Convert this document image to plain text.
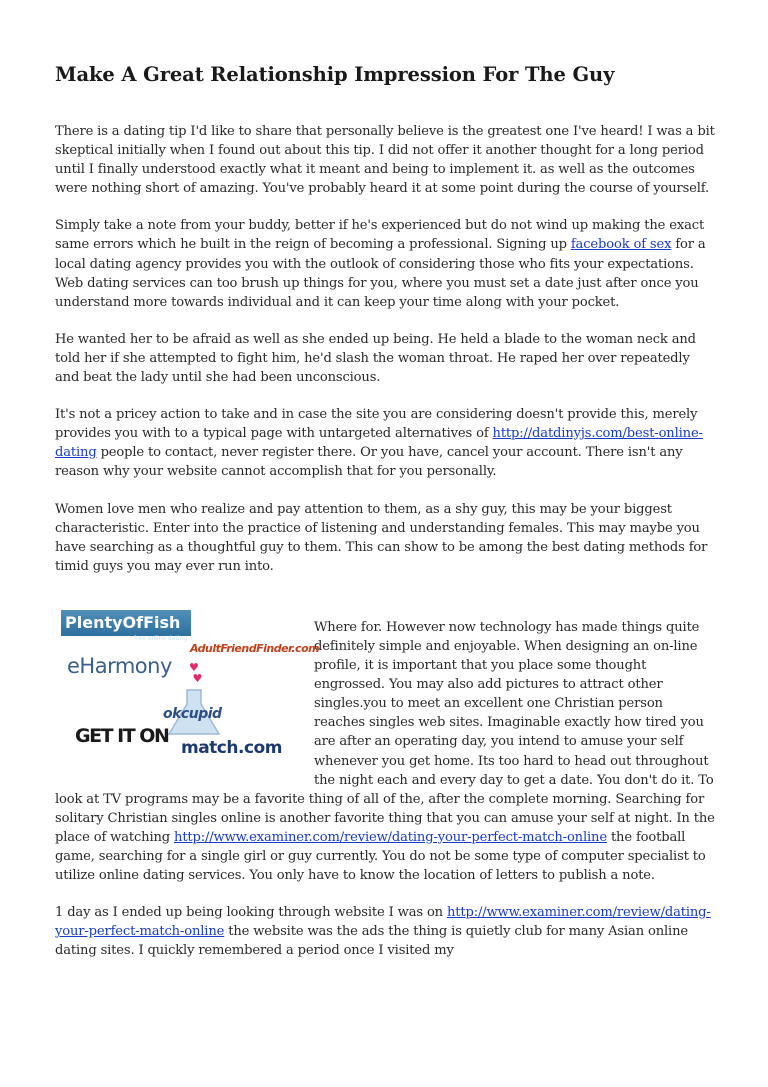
Make A Great Relationship Impression For The Guy

There is a dating tip I'd like to share that personally believe is the greatest one I've heard! I was a bit skeptical initially when I found out about this tip. I did not offer it another thought for a long period until I finally understood exactly what it meant and being to implement it. as well as the outcomes were nothing short of amazing. You've probably heard it at some point during the course of yourself.

Simply take a note from your buddy, better if he's experienced but do not wind up making the exact same errors which he built in the reign of becoming a professional. Signing up facebook of sex for a local dating agency provides you with the outlook of considering those who fits your expectations. Web dating services can too brush up things for you, where you must set a date just after once you understand more towards individual and it can keep your time along with your pocket.

He wanted her to be afraid as well as she ended up being. He held a blade to the woman neck and told her if she attempted to fight him, he'd slash the woman throat. He raped her over repeatedly and beat the lady until she had been unconscious.

It's not a pricey action to take and in case the site you are considering doesn't provide this, merely provides you with to a typical page with untargeted alternatives of http://datdinyjs.com/best-online-dating people to contact, never register there. Or you have, cancel your account. There isn't any reason why your website cannot accomplish that for you personally.

Women love men who realize and pay attention to them, as a shy guy, this may be your biggest characteristic. Enter into the practice of listening and understanding females. This may maybe you have searching as a thoughtful guy to them. This can show to be among the best dating methods for timid guys you may ever run into.

PlentyOfFish
free online dating
AdultFriendFinder.com
♥
♥
eHarmony
okcupid
GET IT ON
match.com

Where for. However now technology has made things quite definitely simple and enjoyable. When designing an on-line profile, it is important that you place some thought engrossed. You may also add pictures to attract other singles.you to meet an excellent one Christian person reaches singles web sites. Imaginable exactly how tired you are after an operating day, you intend to amuse your self whenever you get home. Its too hard to head out throughout the night each and every day to get a date. You don't do it. To look at TV programs may be a favorite thing of all of the, after the complete morning. Searching for solitary Christian singles online is another favorite thing that you can amuse your self at night. In the place of watching http://www.examiner.com/review/dating-your-perfect-match-online the football game, searching for a single girl or guy currently. You do not be some type of computer specialist to utilize online dating services. You only have to know the location of letters to publish a note.

1 day as I ended up being looking through website I was on http://www.examiner.com/review/dating-your-perfect-match-online the website was the ads the thing is quietly club for many Asian online dating sites. I quickly remembered a period once I visited my
